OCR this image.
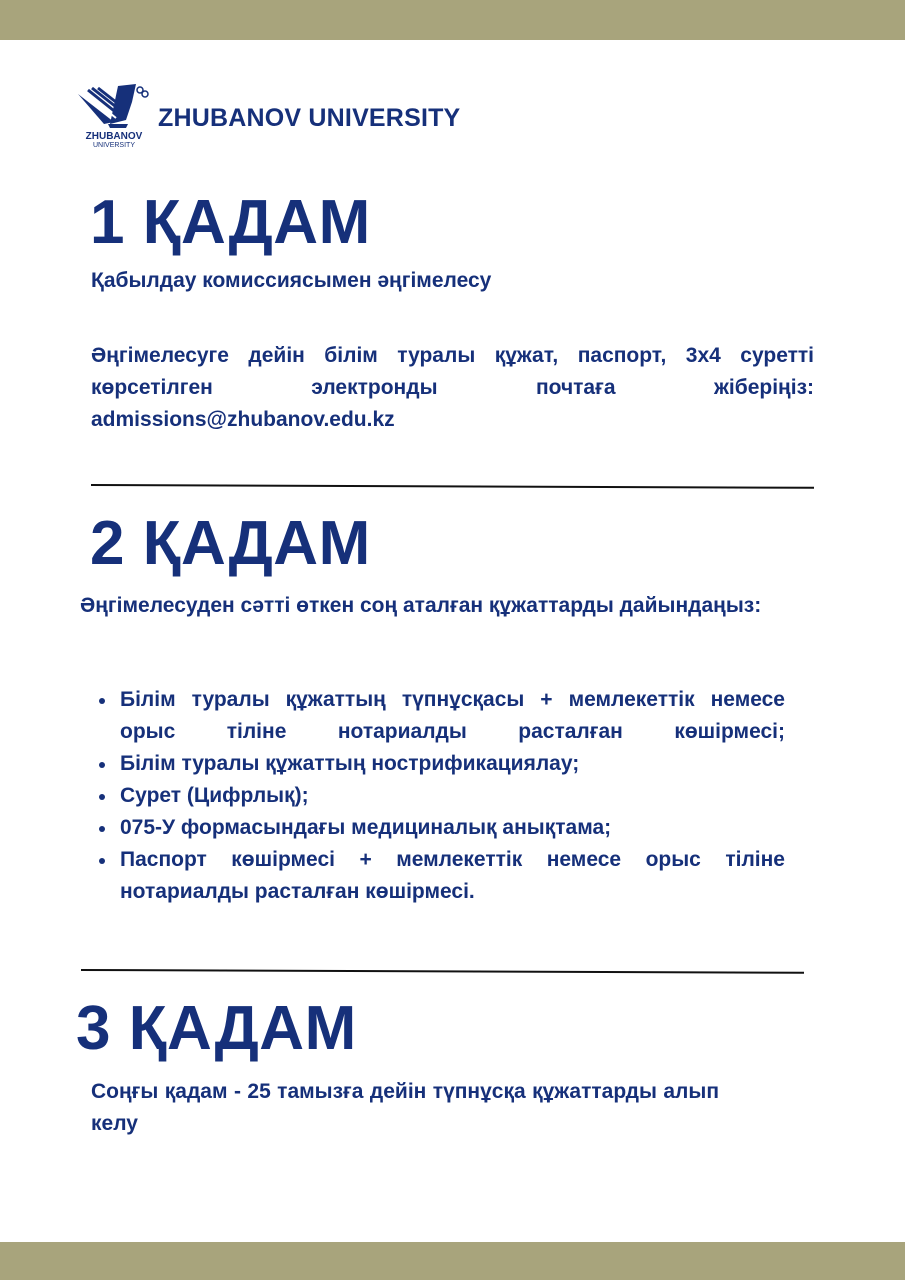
ZHUBANOV
UNIVERSITY
ZHUBANOV UNIVERSITY
1 ҚАДАМ
Қабылдау комиссиясымен әңгімелесу

Әңгімелесуге дейін білім туралы құжат, паспорт, 3x4 суретті көрсетілген электронды почтаға жіберіңіз: admissions@zhubanov.edu.kz

2 ҚАДАМ

Әңгімелесуден сәтті өткен соң аталған құжаттарды дайындаңыз:

Білім туралы құжаттың түпнұсқасы + мемлекеттік немесе орыс тіліне нотариалды расталған көшірмесі;
Білім туралы құжаттың нострификациялау;
Сурет (Цифрлық);
075-У формасындағы медициналық анықтама;
Паспорт көшірмесі + мемлекеттік немесе орыс тіліне нотариалды расталған көшірмесі.
3 ҚАДАМ

Соңғы қадам - 25 тамызға дейін түпнұсқа құжаттарды алып келу
